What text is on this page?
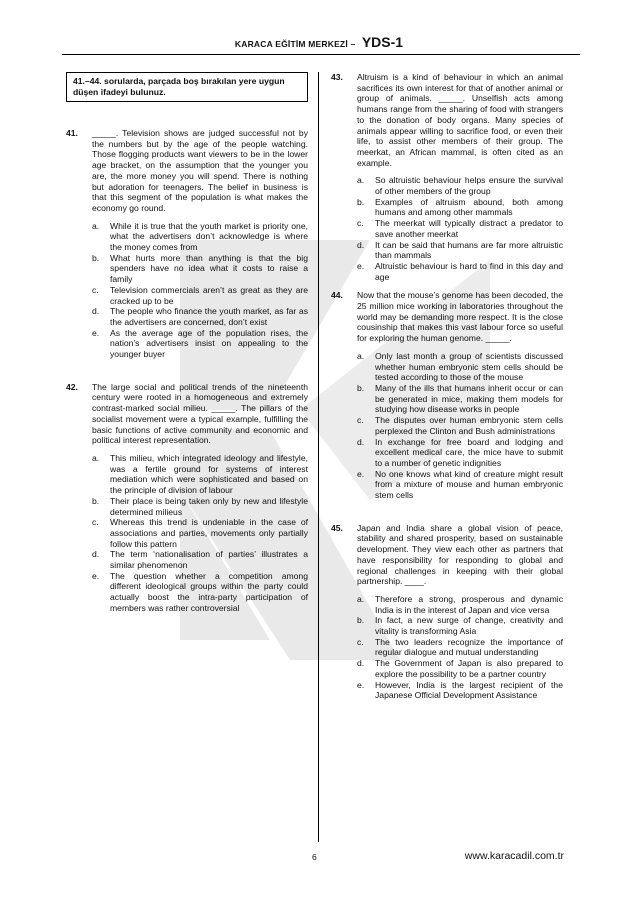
KARACA EĞİTİM MERKEZİ – YDS-1
41.–44. sorularda, parçada boş bırakılan yere uygun düşen ifadeyi bulunuz.
41.	_____. Television shows are judged successful not by the numbers but by the age of the people watching. Those flogging products want viewers to be in the lower age bracket, on the assumption that the younger you are, the more money you will spend. There is nothing but adoration for teenagers. The belief in business is that this segment of the population is what makes the economy go round.
a.	While it is true that the youth market is priority one, what the advertisers don’t acknowledge is where the money comes from
b.	What hurts more than anything is that the big spenders have no idea what it costs to raise a family
c.	Television commercials aren’t as great as they are cracked up to be
d.	The people who finance the youth market, as far as the advertisers are concerned, don’t exist
e.	As the average age of the population rises, the nation’s advertisers insist on appealing to the younger buyer
42.	The large social and political trends of the nineteenth century were rooted in a homogeneous and extremely contrast-marked social milieu. _____. The pillars of the socialist movement were a typical example, fulfilling the basic functions of active community and economic and political interest representation.
a.	This milieu, which integrated ideology and lifestyle, was a fertile ground for systems of interest mediation which were sophisticated and based on the principle of division of labour
b.	Their place is being taken only by new and lifestyle determined milieus
c.	Whereas this trend is undeniable in the case of associations and parties, movements only partially follow this pattern
d.	The term ‘nationalisation of parties’ illustrates a similar phenomenon
e.	The question whether a competition among different ideological groups within the party could actually boost the intra-party participation of members was rather controversial
43.	Altruism is a kind of behaviour in which an animal sacrifices its own interest for that of another animal or group of animals. _____. Unselfish acts among humans range from the sharing of food with strangers to the donation of body organs. Many species of animals appear willing to sacrifice food, or even their life, to assist other members of their group. The meerkat, an African mammal, is often cited as an example.
a.	So altruistic behaviour helps ensure the survival of other members of the group
b.	Examples of altruism abound, both among humans and among other mammals
c.	The meerkat will typically distract a predator to save another meerkat
d.	It can be said that humans are far more altruistic than mammals
e.	Altruistic behaviour is hard to find in this day and age
44.	Now that the mouse’s genome has been decoded, the 25 million mice working in laboratories throughout the world may be demanding more respect. It is the close cousinship that makes this vast labour force so useful for exploring the human genome. _____.
a.	Only last month a group of scientists discussed whether human embryonic stem cells should be tested according to those of the mouse
b.	Many of the ills that humans inherit occur or can be generated in mice, making them models for studying how disease works in people
c.	The disputes over human embryonic stem cells perplexed the Clinton and Bush administrations
d.	In exchange for free board and lodging and excellent medical care, the mice have to submit to a number of genetic indignities
e.	No one knows what kind of creature might result from a mixture of mouse and human embryonic stem cells
45.	Japan and India share a global vision of peace, stability and shared prosperity, based on sustainable development. They view each other as partners that have responsibility for responding to global and regional challenges in keeping with their global partnership. ____.
a.	Therefore a strong, prosperous and dynamic India is in the interest of Japan and vice versa
b.	In fact, a new surge of change, creativity and vitality is transforming Asia
c.	The two leaders recognize the importance of regular dialogue and mutual understanding
d.	The Government of Japan is also prepared to explore the possibility to be a partner country
e.	However, India is the largest recipient of the Japanese Official Development Assistance
6	www.karacadil.com.tr
